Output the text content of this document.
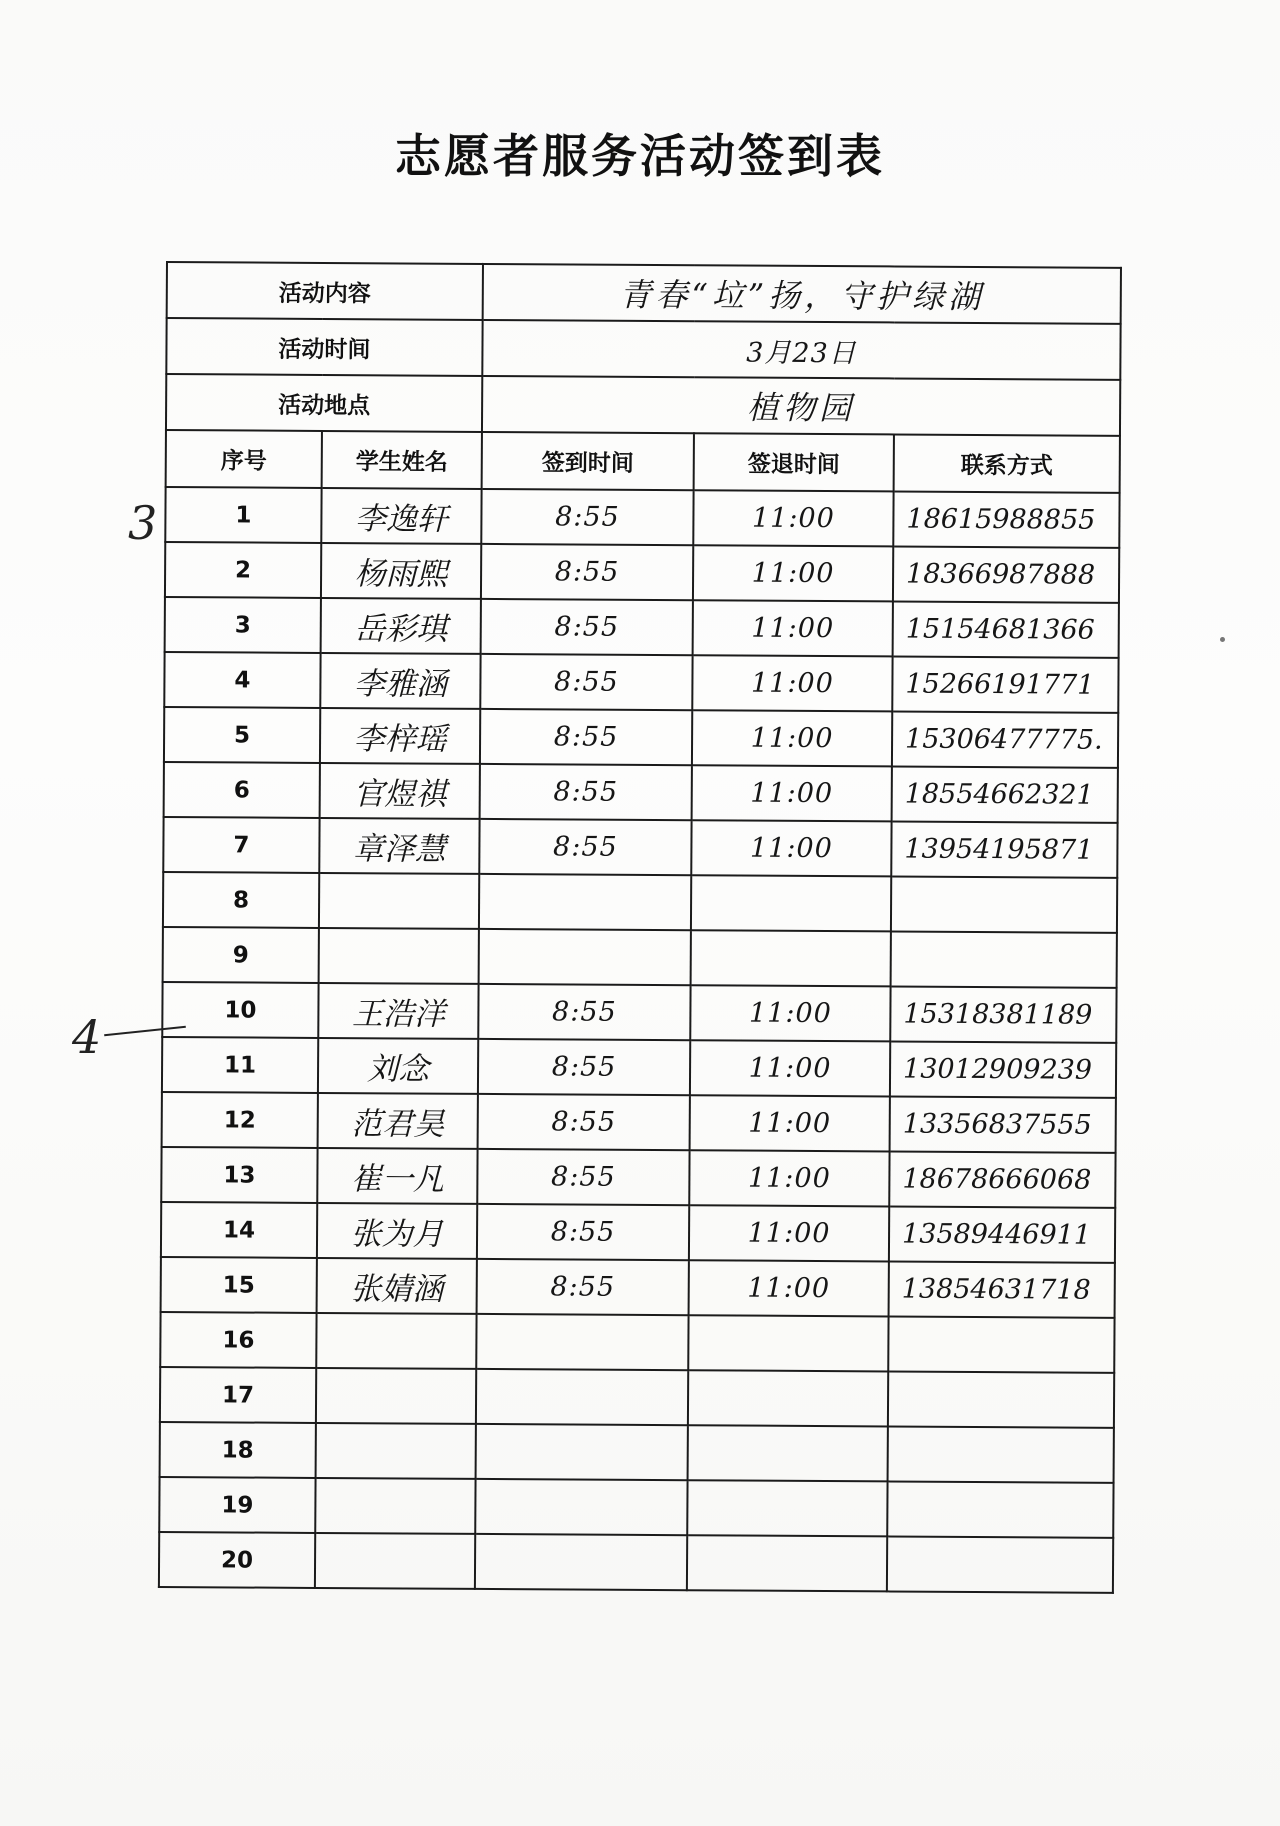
志愿者服务活动签到表
活动内容		青春“垃”扬，守护绿湖		
活动时间		3月23日		
活动地点		植物园		
序号	学生姓名	签到时间	签退时间	联系方式
1	李逸轩	8:55	11:00	18615988855
2	杨雨熙	8:55	11:00	18366987888
3	岳彩琪	8:55	11:00	15154681366
4	李雅涵	8:55	11:00	15266191771
5	李梓瑶	8:55	11:00	15306477775.
6	官煜祺	8:55	11:00	18554662321
7	章泽慧	8:55	11:00	13954195871
8				
9				
10	王浩洋	8:55	11:00	15318381189
11	刘念	8:55	11:00	13012909239
12	范君昊	8:55	11:00	13356837555
13	崔一凡	8:55	11:00	18678666068
14	张为月	8:55	11:00	13589446911
15	张婧涵	8:55	11:00	13854631718
16				
17				
18				
19				
20				
3
4
